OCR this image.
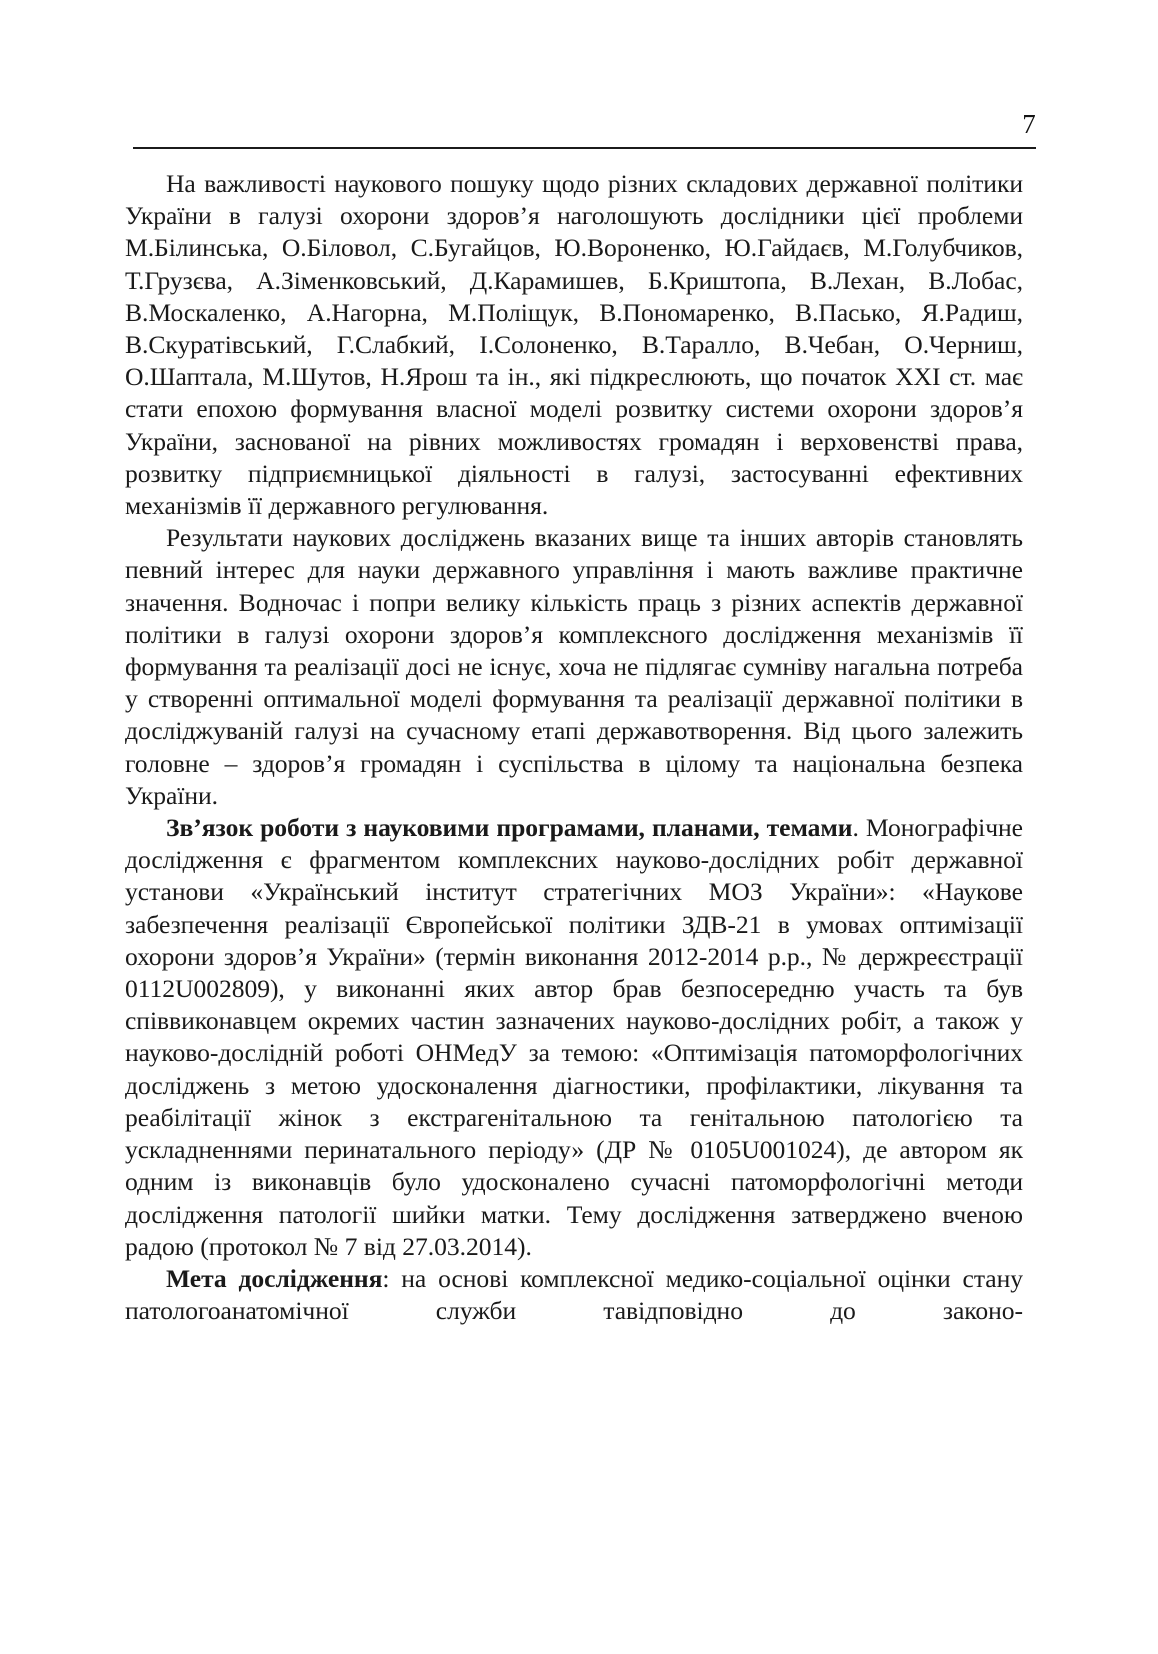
7

На важливості наукового пошуку щодо різних складових державної політики України в галузі охорони здоров’я наголошують дослідники цієї проблеми М.Білинська, О.Біловол, С.Бугайцов, Ю.Вороненко, Ю.Гайдаєв, М.Голубчиков, Т.Грузєва, А.Зіменковський, Д.Карамишев, Б.Криштопа, В.Лехан, В.Лобас, В.Москаленко, А.Нагорна, М.Поліщук, В.Пономаренко, В.Пасько, Я.Радиш, В.Скуратівський, Г.Слабкий, І.Солоненко, В.Таралло, В.Чебан, О.Черниш, О.Шаптала, М.Шутов, Н.Ярош та ін., які підкреслюють, що початок XXI ст. має стати епохою формування власної моделі розвитку системи охорони здоров’я України, заснованої на рівних можливостях громадян і верховенстві права, розвитку підприємницької діяльності в галузі, застосуванні ефективних механізмів її державного регулювання.

Результати наукових досліджень вказаних вище та інших авторів становлять певний інтерес для науки державного управління і мають важливе практичне значення. Водночас і попри велику кількість праць з різних аспектів державної політики в галузі охорони здоров’я комплексного дослідження механізмів її формування та реалізації досі не існує, хоча не підлягає сумніву нагальна потреба у створенні оптимальної моделі формування та реалізації державної політики в досліджуваній галузі на сучасному етапі державотворення. Від цього залежить головне – здоров’я громадян і суспільства в цілому та національна безпека України.

Зв’язок роботи з науковими програмами, планами, темами. Монографічне дослідження є фрагментом комплексних науково-дослідних робіт державної установи «Український інститут стратегічних МОЗ України»: «Наукове забезпечення реалізації Європейської політики ЗДВ-21 в умовах оптимізації охорони здоров’я України» (термін виконання 2012-2014 р.р., № держреєстрації 0112U002809), у виконанні яких автор брав безпосередню участь та був співвиконавцем окремих частин зазначених науково-дослідних робіт, а також у науково-дослідній роботі ОНМедУ за темою: «Оптимізація патоморфологічних досліджень з метою удосконалення діагностики, профілактики, лікування та реабілітації жінок з екстрагенітальною та генітальною патологією та ускладненнями перинатального періоду» (ДР № 0105U001024), де автором як одним із виконавців було удосконалено сучасні патоморфологічні методи дослідження патології шийки матки. Тему дослідження затверджено вченою радою (протокол № 7 від 27.03.2014).

Мета дослідження: на основі комплексної медико-соціальної оцінки стану патологоанатомічної служби тавідповідно до законо-
